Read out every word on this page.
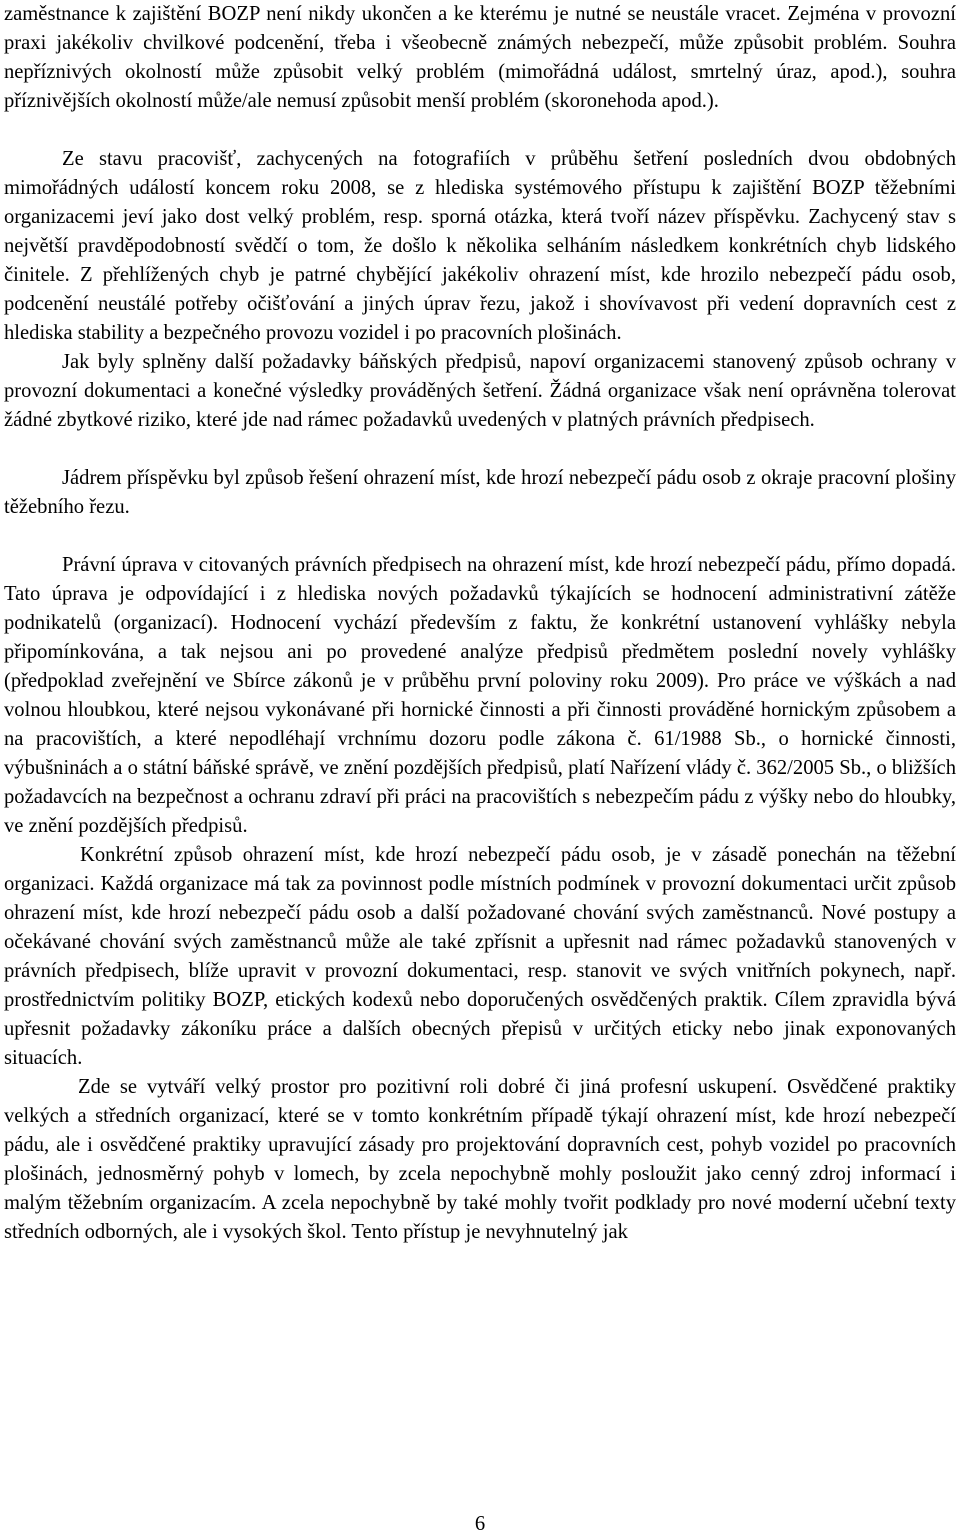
zaměstnance k zajištění BOZP není nikdy ukončen a ke kterému je nutné se neustále vracet. Zejména v provozní praxi jakékoliv chvilkové podcenění, třeba i všeobecně známých nebezpečí, může způsobit problém. Souhra nepříznivých okolností může způsobit velký problém (mimořádná událost, smrtelný úraz, apod.), souhra příznivějších okolností může/ale nemusí způsobit menší problém (skoronehoda apod.).

Ze stavu pracovišť, zachycených na fotografiích v průběhu šetření posledních dvou obdobných mimořádných událostí koncem roku 2008, se z hlediska systémového přístupu k zajištění BOZP těžebními organizacemi jeví jako dost velký problém, resp. sporná otázka, která tvoří název příspěvku. Zachycený stav s největší pravděpodobností svědčí o tom, že došlo k několika selháním následkem konkrétních chyb lidského činitele. Z přehlížených chyb je patrné chybějící jakékoliv ohrazení míst, kde hrozilo nebezpečí pádu osob, podcenění neustálé potřeby očišťování a jiných úprav řezu, jakož i shovívavost při vedení dopravních cest z hlediska stability a bezpečného provozu vozidel i po pracovních plošinách.

Jak byly splněny další požadavky báňských předpisů, napoví organizacemi stanovený způsob ochrany v provozní dokumentaci a konečné výsledky prováděných šetření. Žádná organizace však není oprávněna tolerovat žádné zbytkové riziko, které jde nad rámec požadavků uvedených v platných právních předpisech.

Jádrem příspěvku byl způsob řešení ohrazení míst, kde hrozí nebezpečí pádu osob z okraje pracovní plošiny těžebního řezu.

Právní úprava v citovaných právních předpisech na ohrazení míst, kde hrozí nebezpečí pádu, přímo dopadá. Tato úprava je odpovídající i z hlediska nových požadavků týkajících se hodnocení administrativní zátěže podnikatelů (organizací). Hodnocení vychází především z faktu, že konkrétní ustanovení vyhlášky nebyla připomínkována, a tak nejsou ani po provedené analýze předpisů předmětem poslední novely vyhlášky (předpoklad zveřejnění ve Sbírce zákonů je v průběhu první poloviny roku 2009). Pro práce ve výškách a nad volnou hloubkou, které nejsou vykonávané při hornické činnosti a při činnosti prováděné hornickým způsobem a na pracovištích, a které nepodléhají vrchnímu dozoru podle zákona č. 61/1988 Sb., o hornické činnosti, výbušninách a o státní báňské správě, ve znění pozdějších předpisů, platí Nařízení vlády č. 362/2005 Sb., o bližších požadavcích na bezpečnost a ochranu zdraví při práci na pracovištích s nebezpečím pádu z výšky nebo do hloubky, ve znění pozdějších předpisů.

Konkrétní způsob ohrazení míst, kde hrozí nebezpečí pádu osob, je v zásadě ponechán na těžební organizaci. Každá organizace má tak za povinnost podle místních podmínek v provozní dokumentaci určit způsob ohrazení míst, kde hrozí nebezpečí pádu osob a další požadované chování svých zaměstnanců. Nové postupy a očekávané chování svých zaměstnanců může ale také zpřísnit a upřesnit nad rámec požadavků stanovených v právních předpisech, blíže upravit v provozní dokumentaci, resp. stanovit ve svých vnitřních pokynech, např. prostřednictvím politiky BOZP, etických kodexů nebo doporučených osvědčených praktik. Cílem zpravidla bývá upřesnit požadavky zákoníku práce a dalších obecných přepisů v určitých eticky nebo jinak exponovaných situacích.

Zde se vytváří velký prostor pro pozitivní roli dobré či jiná profesní uskupení. Osvědčené praktiky velkých a středních organizací, které se v tomto konkrétním případě týkají ohrazení míst, kde hrozí nebezpečí pádu, ale i osvědčené praktiky upravující zásady pro projektování dopravních cest, pohyb vozidel po pracovních plošinách, jednosměrný pohyb v lomech, by zcela nepochybně mohly posloužit jako cenný zdroj informací i malým těžebním organizacím. A zcela nepochybně by také mohly tvořit podklady pro nové moderní učební texty středních odborných, ale i vysokých škol. Tento přístup je nevyhnutelný jak

6
